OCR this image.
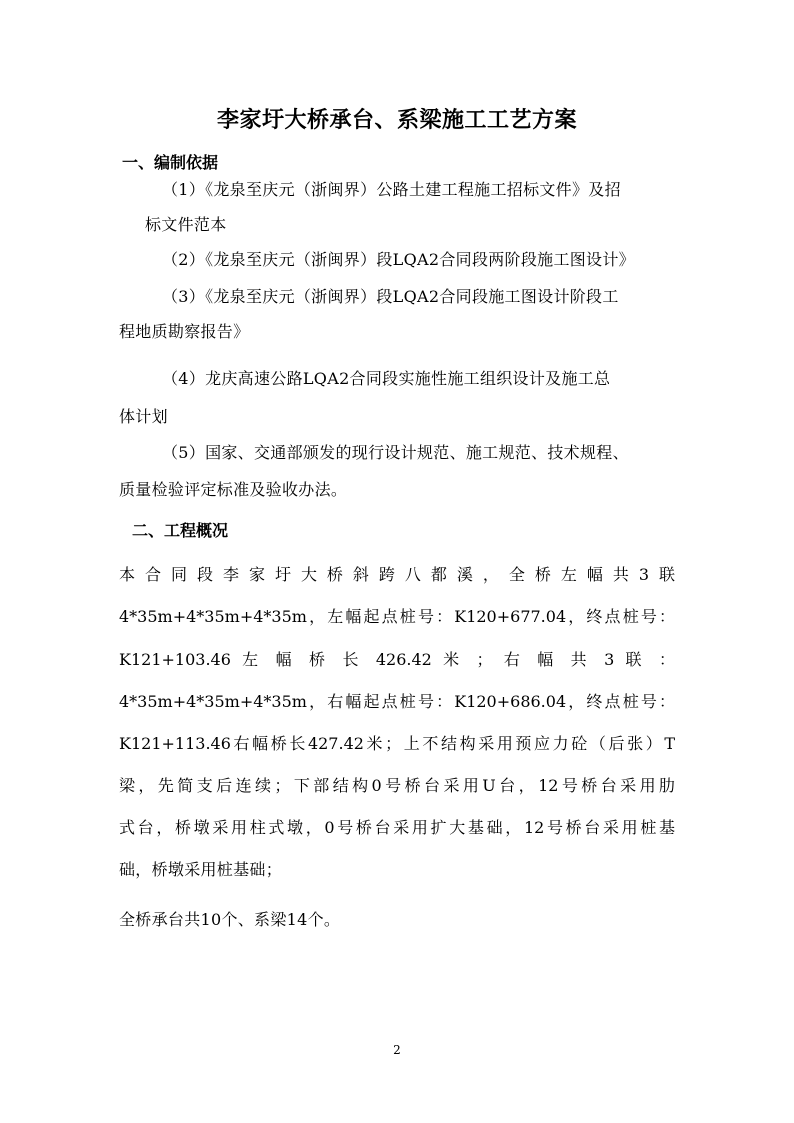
李家圩大桥承台、系梁施工工艺方案
一、编制依据
（1）《龙泉至庆元（浙闽界）公路土建工程施工招标文件》及招
标文件范本
（2）《龙泉至庆元（浙闽界）段LQA2合同段两阶段施工图设计》
（3）《龙泉至庆元（浙闽界）段LQA2合同段施工图设计阶段工
程地质勘察报告》
（4）龙庆高速公路LQA2合同段实施性施工组织设计及施工总
体计划
（5）国家、交通部颁发的现行设计规范、施工规范、技术规程、
质量检验评定标准及验收办法。
二、工程概况
本合同段李家圩大桥斜跨八都溪，全桥左幅共3联
4*35m+4*35m+4*35m，左幅起点桩号：K120+677.04，终点桩号：
K121+103.46 左 幅 桥 长 426.42 米 ； 右 幅 共 3 联 ：
4*35m+4*35m+4*35m，右幅起点桩号：K120+686.04，终点桩号：
K121+113.46右幅桥长427.42米；上不结构采用预应力砼（后张）T
梁，先简支后连续；下部结构0号桥台采用U台，12号桥台采用肋
式台，桥墩采用柱式墩，0号桥台采用扩大基础，12号桥台采用桩基
础，桥墩采用桩基础；
全桥承台共10个、系梁14个。
2
